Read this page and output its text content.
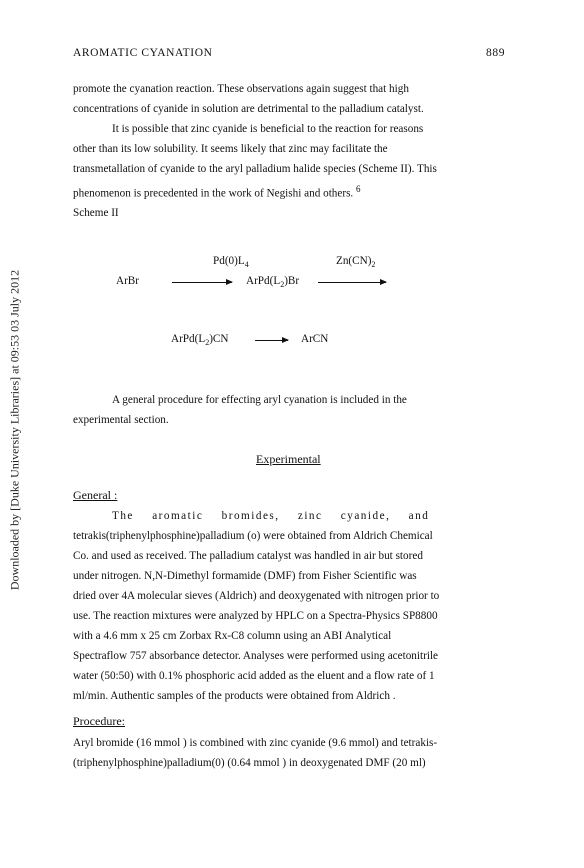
Downloaded by [Duke University Libraries] at 09:53 03 July 2012
AROMATIC CYANATION	889
promote the cyanation reaction. These observations again suggest that high
concentrations of cyanide in solution are detrimental to the palladium catalyst.
It is possible that zinc cyanide is beneficial to the reaction for reasons
other than its low solubility. It seems likely that zinc may facilitate the
transmetallation of cyanide to the aryl palladium halide species (Scheme II). This
phenomenon is precedented in the work of Negishi and others. $^6$
Scheme II
$Pd(0)L_4$	$Zn(CN)_2$
ArBr → $ArPd(L_2)Br$
$ArPd(L_2)CN$ → ArCN
A general procedure for effecting aryl cyanation is included in the
experimental section.
Experimental
General :
The aromatic bromides, zinc cyanide, and
tetrakis(triphenylphosphine)palladium (o) were obtained from Aldrich Chemical
Co. and used as received. The palladium catalyst was handled in air but stored
under nitrogen. N,N-Dimethyl formamide (DMF) from Fisher Scientific was
dried over 4A molecular sieves (Aldrich) and deoxygenated with nitrogen prior to
use. The reaction mixtures were analyzed by HPLC on a Spectra-Physics SP8800
with a 4.6 mm x 25 cm Zorbax Rx-C8 column using an ABI Analytical
Spectraflow 757 absorbance detector. Analyses were performed using acetonitrile
water (50:50) with 0.1% phosphoric acid added as the eluent and a flow rate of 1
ml/min. Authentic samples of the products were obtained from Aldrich .
Procedure:
Aryl bromide (16 mmol ) is combined with zinc cyanide (9.6 mmol) and tetrakis-
(triphenylphosphine)palladium(0) (0.64 mmol ) in deoxygenated DMF (20 ml)
